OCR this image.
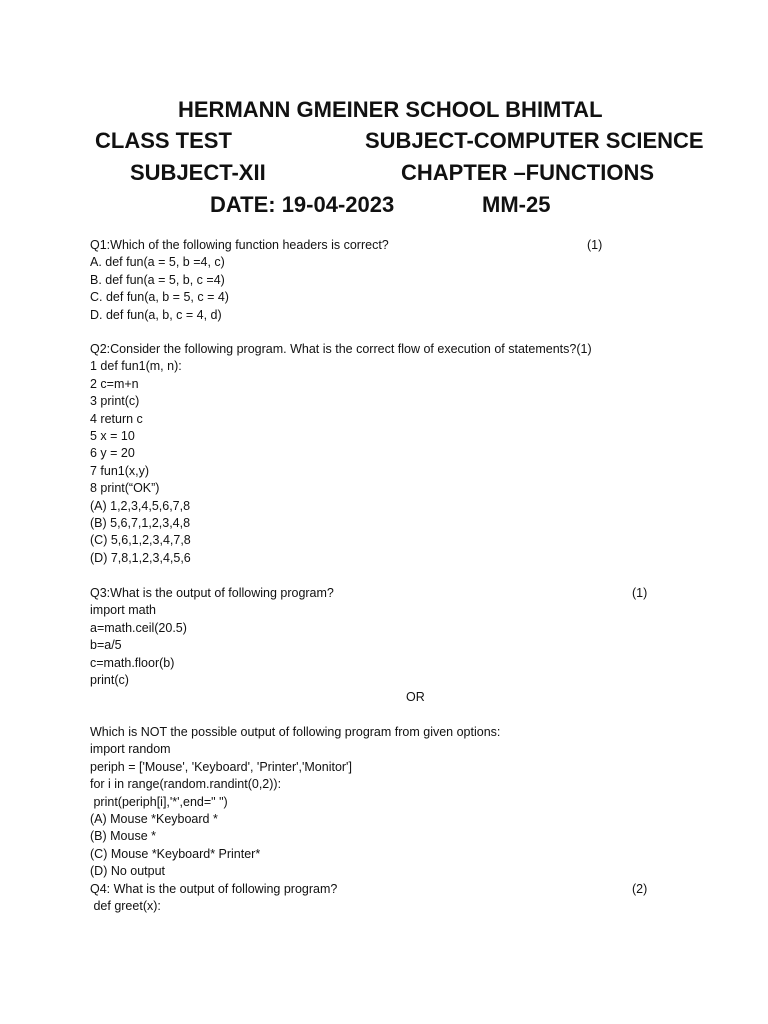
HERMANN GMEINER SCHOOL BHIMTAL
CLASS TEST	SUBJECT-COMPUTER SCIENCE
SUBJECT-XII	CHAPTER –FUNCTIONS
DATE: 19-04-2023	MM-25
Q1:Which of the following function headers is correct?	(1)
A. def fun(a = 5, b =4, c)
B. def fun(a = 5, b, c =4)
C. def fun(a, b = 5, c = 4)
D. def fun(a, b, c = 4, d)
Q2:Consider the following program. What is the correct flow of execution of statements?(1)
1 def fun1(m, n):
2 c=m+n
3 print(c)
4 return c
5 x = 10
6 y = 20
7 fun1(x,y)
8 print(“OK”)
(A) 1,2,3,4,5,6,7,8
(B) 5,6,7,1,2,3,4,8
(C) 5,6,1,2,3,4,7,8
(D) 7,8,1,2,3,4,5,6
Q3:What is the output of following program?	(1)
import math
a=math.ceil(20.5)
b=a/5
c=math.floor(b)
print(c)
OR
Which is NOT the possible output of following program from given options:
import random
periph = ['Mouse', 'Keyboard', 'Printer','Monitor']
for i in range(random.randint(0,2)):
print(periph[i],'*',end=" ")
(A) Mouse *Keyboard *
(B) Mouse *
(C) Mouse *Keyboard* Printer*
(D) No output
Q4: What is the output of following program?	(2)
def greet(x):
